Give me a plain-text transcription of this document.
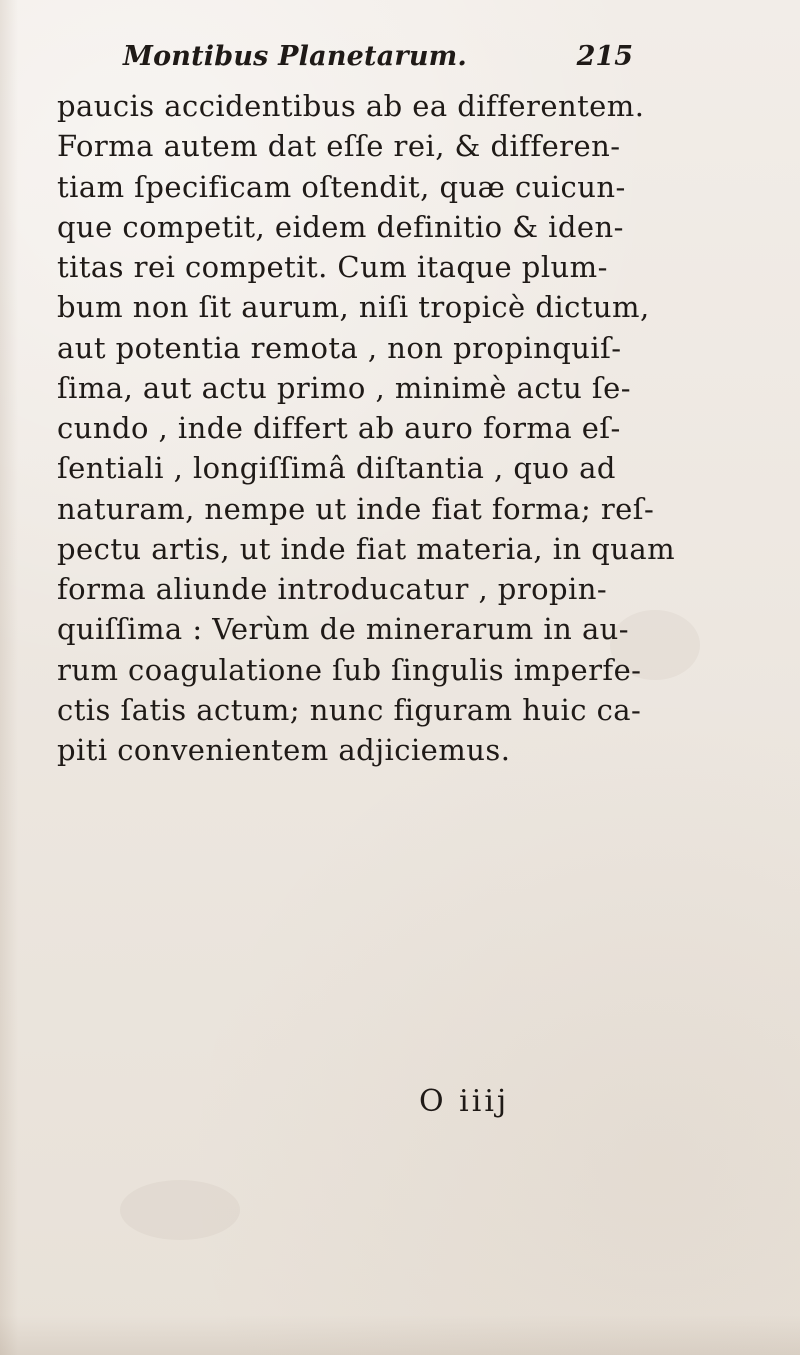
Montibus Planetarum.	215
paucis accidentibus ab ea differentem.
Forma autem dat eſſe rei, & differen-
tiam ſpecificam oſtendit, quæ cuicun-
que competit, eidem definitio & iden-
titas rei competit. Cum itaque plum-
bum non ſit aurum, niſi tropicè dictum,
aut potentia remota , non propinquiſ-
ſima, aut actu primo , minimè actu ſe-
cundo , inde differt ab auro forma eſ-
ſentiali , longiſſimâ diſtantia , quo ad
naturam, nempe ut inde fiat forma; reſ-
pectu artis, ut inde fiat materia, in quam
forma aliunde introducatur , propin-
quiſſima : Verùm de minerarum in au-
rum coagulatione ſub ſingulis imperfe-
ctis ſatis actum; nunc figuram huic ca-
piti convenientem adjiciemus.
O iiij
